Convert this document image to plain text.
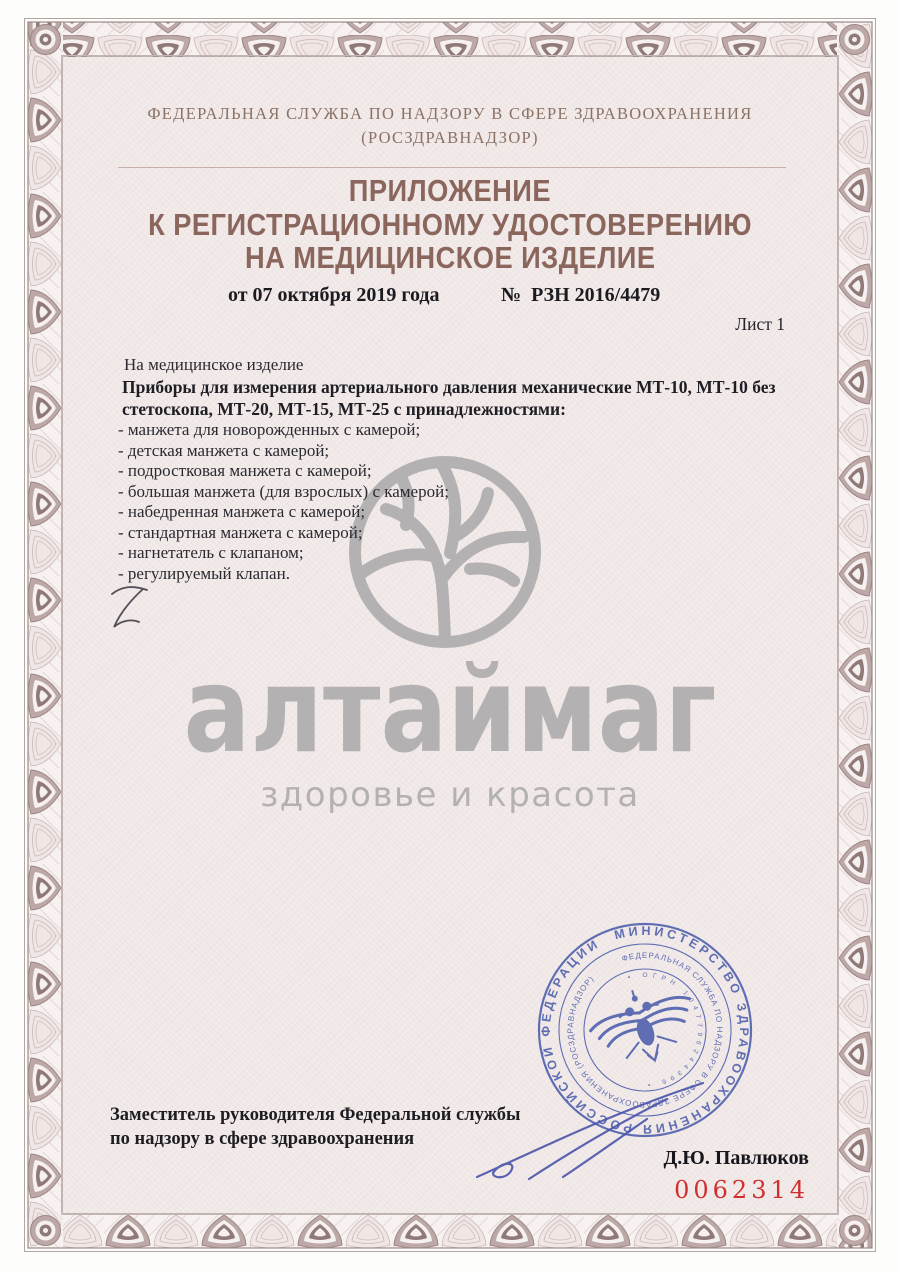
алтаймаг
здоровье и красота
ФЕДЕРАЛЬНАЯ СЛУЖБА ПО НАДЗОРУ В СФЕРЕ ЗДРАВООХРАНЕНИЯ
(РОСЗДРАВНАДЗОР)
ПРИЛОЖЕНИЕ
К РЕГИСТРАЦИОННОМУ УДОСТОВЕРЕНИЮ
НА МЕДИЦИНСКОЕ ИЗДЕЛИЕ
от 07 октября 2019 года	№  РЗН 2016/4479
Лист 1
На медицинское изделие
Приборы для измерения артериального давления механические МТ-10, МТ-10 без стетоскопа, МТ-20, МТ-15, МТ-25 с принадлежностями:
- манжета для новорожденных с камерой;
- детская манжета с камерой;
- подростковая манжета с камерой;
- большая манжета (для взрослых) с камерой;
- набедренная манжета с камерой;
- стандартная манжета с камерой;
- нагнетатель с клапаном;
- регулируемый клапан.
МИНИСТЕРСТВО ЗДРАВООХРАНЕНИЯ РОССИЙСКОЙ ФЕДЕРАЦИИ
ФЕДЕРАЛЬНАЯ СЛУЖБА ПО НАДЗОРУ В СФЕРЕ ЗДРАВООХРАНЕНИЯ (РОСЗДРАВНАДЗОР)	• ОГРН 1047796244396 •
Заместитель руководителя Федеральной службы
по надзору в сфере здравоохранения
Д.Ю. Павлюков
0062314
